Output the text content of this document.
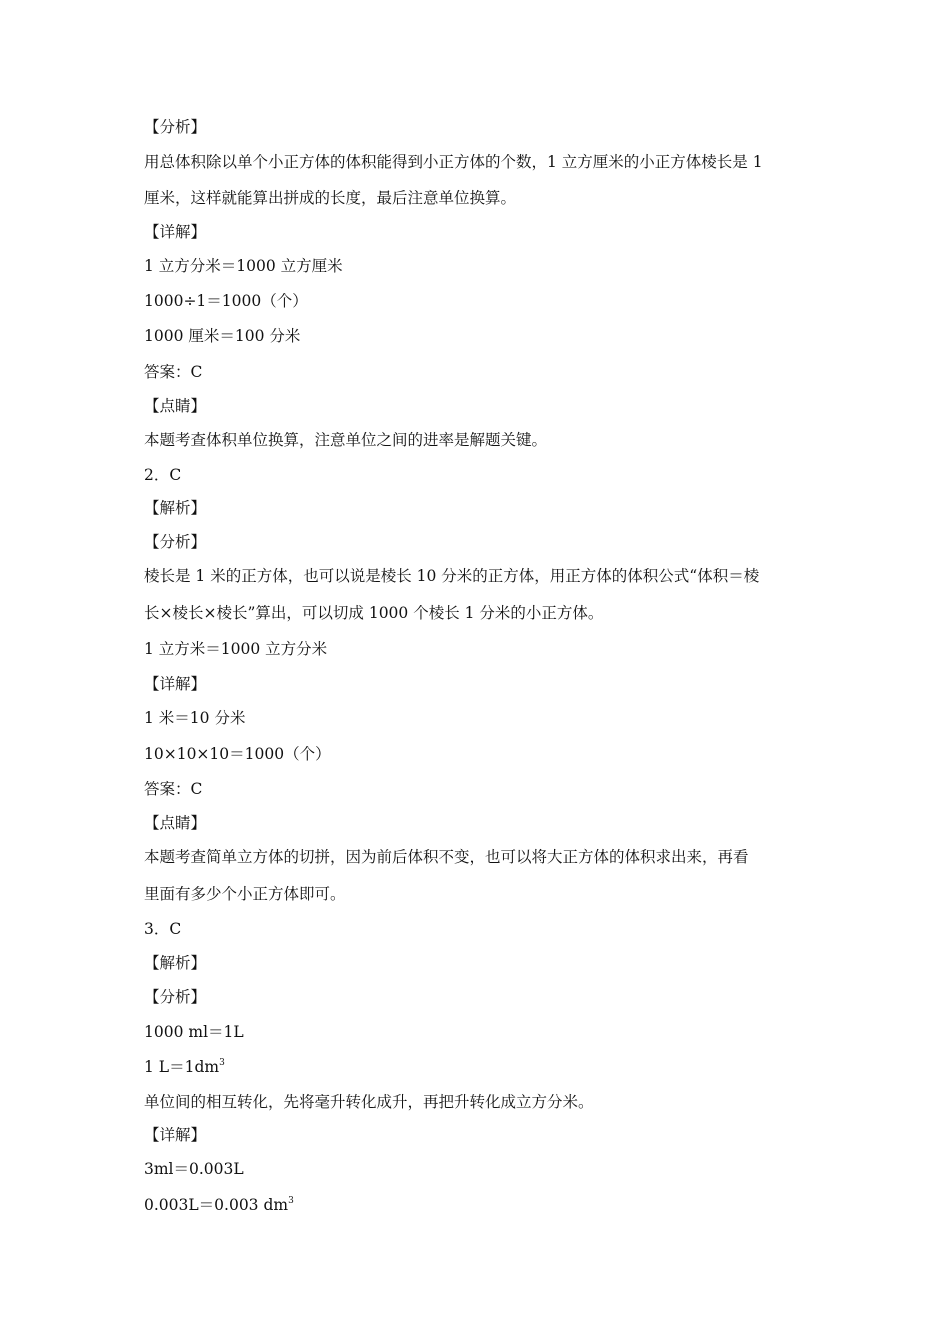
【分析】
用总体积除以单个小正方体的体积能得到小正方体的个数，1 立方厘米的小正方体棱长是 1
厘米，这样就能算出拼成的长度，最后注意单位换算。
【详解】
1 立方分米＝1000 立方厘米
1000÷1＝1000（个）
1000 厘米＝100 分米
答案：C
【点睛】
本题考查体积单位换算，注意单位之间的进率是解题关键。
2．C
【解析】
【分析】
棱长是 1 米的正方体，也可以说是棱长 10 分米的正方体，用正方体的体积公式“体积＝棱
长×棱长×棱长”算出，可以切成 1000 个棱长 1 分米的小正方体。
1 立方米＝1000 立方分米
【详解】
1 米＝10 分米
10×10×10＝1000（个）
答案：C
【点睛】
本题考查简单立方体的切拼，因为前后体积不变，也可以将大正方体的体积求出来，再看
里面有多少个小正方体即可。
3．C
【解析】
【分析】
1000 ml＝1L
1 $L=1dm^3$
单位间的相互转化，先将毫升转化成升，再把升转化成立方分米。
【详解】
3ml＝0.003L
0.003L＝0.003 $dm^3$
